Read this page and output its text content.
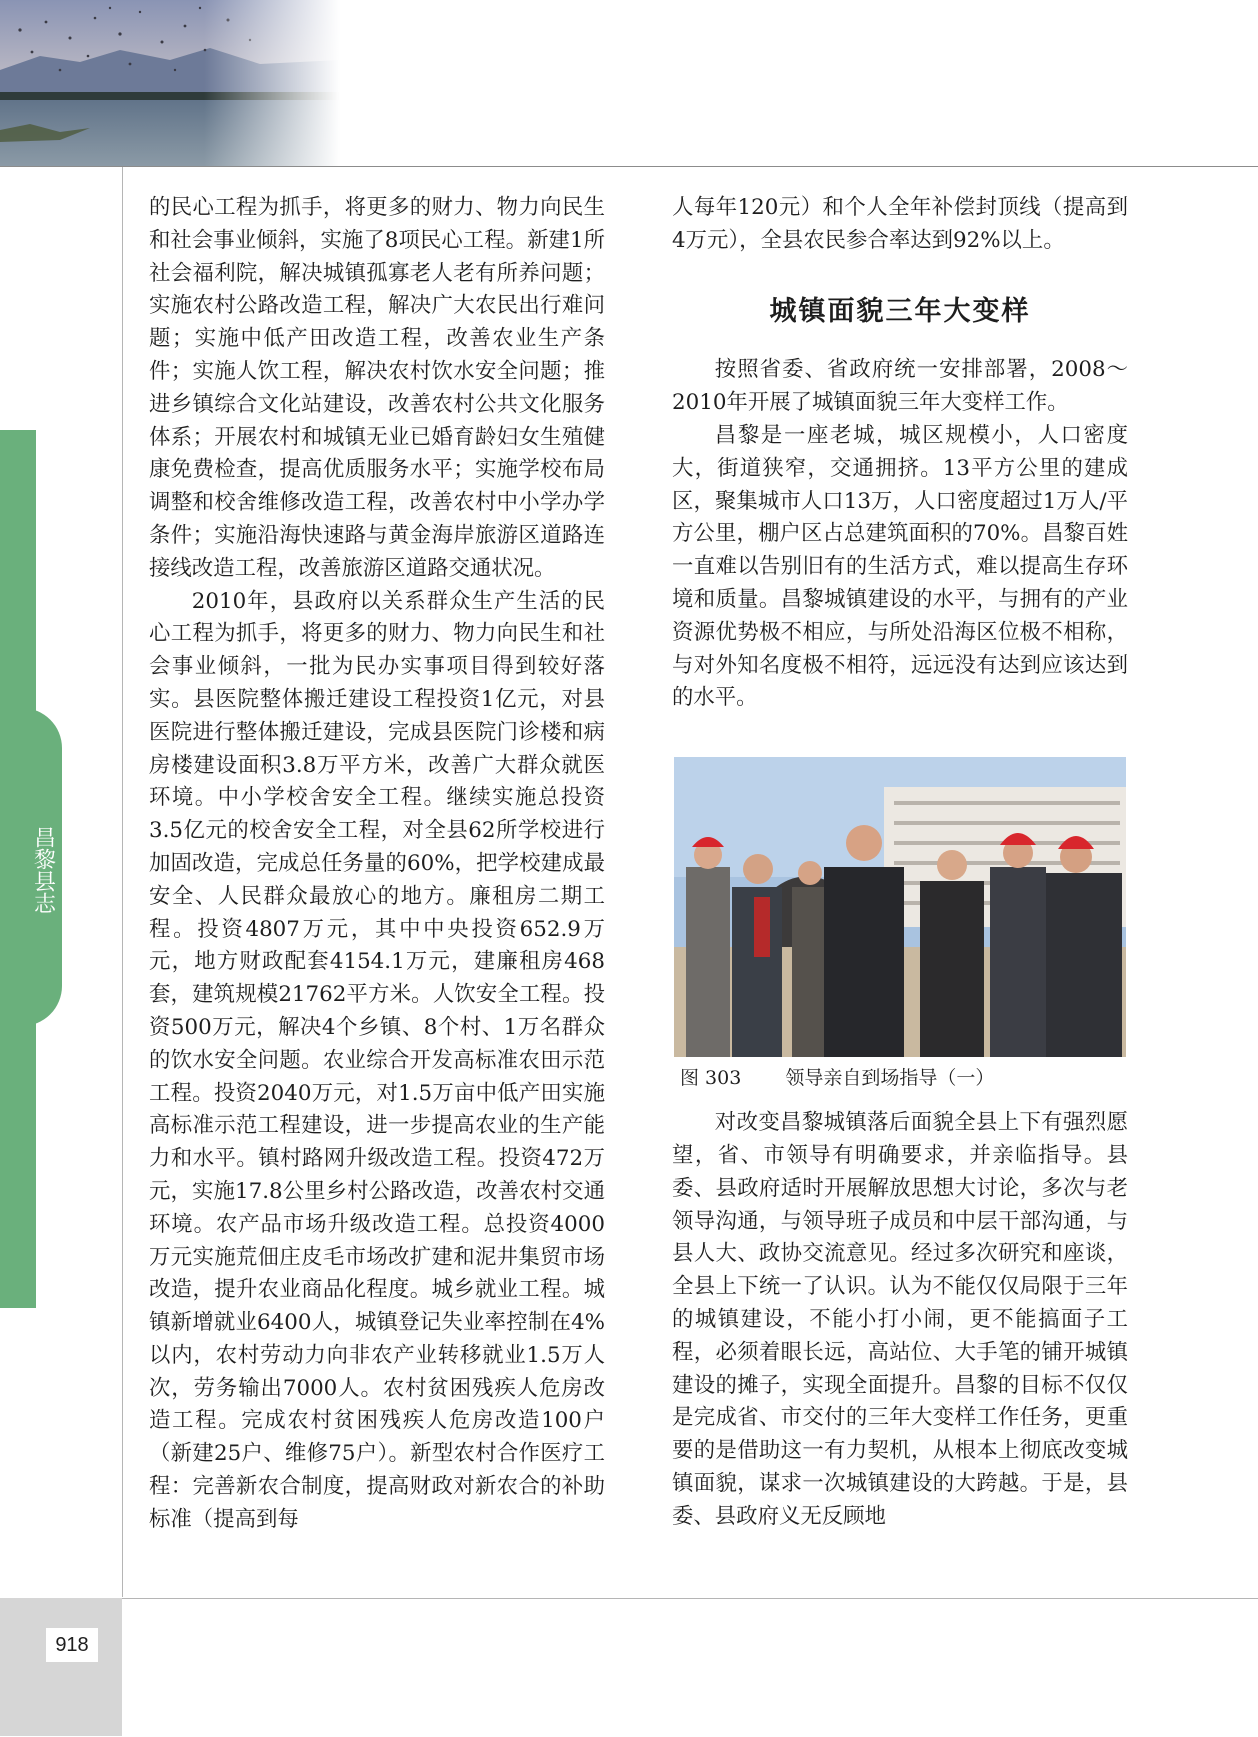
昌黎县志

的民心工程为抓手，将更多的财力、物力向民生和社会事业倾斜，实施了8项民心工程。新建1所社会福利院，解决城镇孤寡老人老有所养问题；实施农村公路改造工程，解决广大农民出行难问题；实施中低产田改造工程，改善农业生产条件；实施人饮工程，解决农村饮水安全问题；推进乡镇综合文化站建设，改善农村公共文化服务体系；开展农村和城镇无业已婚育龄妇女生殖健康免费检查，提高优质服务水平；实施学校布局调整和校舍维修改造工程，改善农村中小学办学条件；实施沿海快速路与黄金海岸旅游区道路连接线改造工程，改善旅游区道路交通状况。

2010年，县政府以关系群众生产生活的民心工程为抓手，将更多的财力、物力向民生和社会事业倾斜，一批为民办实事项目得到较好落实。县医院整体搬迁建设工程投资1亿元，对县医院进行整体搬迁建设，完成县医院门诊楼和病房楼建设面积3.8万平方米，改善广大群众就医环境。中小学校舍安全工程。继续实施总投资3.5亿元的校舍安全工程，对全县62所学校进行加固改造，完成总任务量的60%，把学校建成最安全、人民群众最放心的地方。廉租房二期工程。投资4807万元，其中中央投资652.9万元，地方财政配套4154.1万元，建廉租房468套，建筑规模21762平方米。人饮安全工程。投资500万元，解决4个乡镇、8个村、1万名群众的饮水安全问题。农业综合开发高标准农田示范工程。投资2040万元，对1.5万亩中低产田实施高标准示范工程建设，进一步提高农业的生产能力和水平。镇村路网升级改造工程。投资472万元，实施17.8公里乡村公路改造，改善农村交通环境。农产品市场升级改造工程。总投资4000万元实施荒佃庄皮毛市场改扩建和泥井集贸市场改造，提升农业商品化程度。城乡就业工程。城镇新增就业6400人，城镇登记失业率控制在4%以内，农村劳动力向非农产业转移就业1.5万人次，劳务输出7000人。农村贫困残疾人危房改造工程。完成农村贫困残疾人危房改造100户（新建25户、维修75户）。新型农村合作医疗工程：完善新农合制度，提高财政对新农合的补助标准（提高到每

人每年120元）和个人全年补偿封顶线（提高到4万元），全县农民参合率达到92%以上。

城镇面貌三年大变样

按照省委、省政府统一安排部署，2008～2010年开展了城镇面貌三年大变样工作。

昌黎是一座老城，城区规模小，人口密度大，街道狭窄，交通拥挤。13平方公里的建成区，聚集城市人口13万，人口密度超过1万人/平方公里，棚户区占总建筑面积的70%。昌黎百姓一直难以告别旧有的生活方式，难以提高生存环境和质量。昌黎城镇建设的水平，与拥有的产业资源优势极不相应，与所处沿海区位极不相称，与对外知名度极不相符，远远没有达到应该达到的水平。

图 303 领导亲自到场指导（一）

对改变昌黎城镇落后面貌全县上下有强烈愿望，省、市领导有明确要求，并亲临指导。县委、县政府适时开展解放思想大讨论，多次与老领导沟通，与领导班子成员和中层干部沟通，与县人大、政协交流意见。经过多次研究和座谈，全县上下统一了认识。认为不能仅仅局限于三年的城镇建设，不能小打小闹，更不能搞面子工程，必须着眼长远，高站位、大手笔的铺开城镇建设的摊子，实现全面提升。昌黎的目标不仅仅是完成省、市交付的三年大变样工作任务，更重要的是借助这一有力契机，从根本上彻底改变城镇面貌，谋求一次城镇建设的大跨越。于是，县委、县政府义无反顾地

918
